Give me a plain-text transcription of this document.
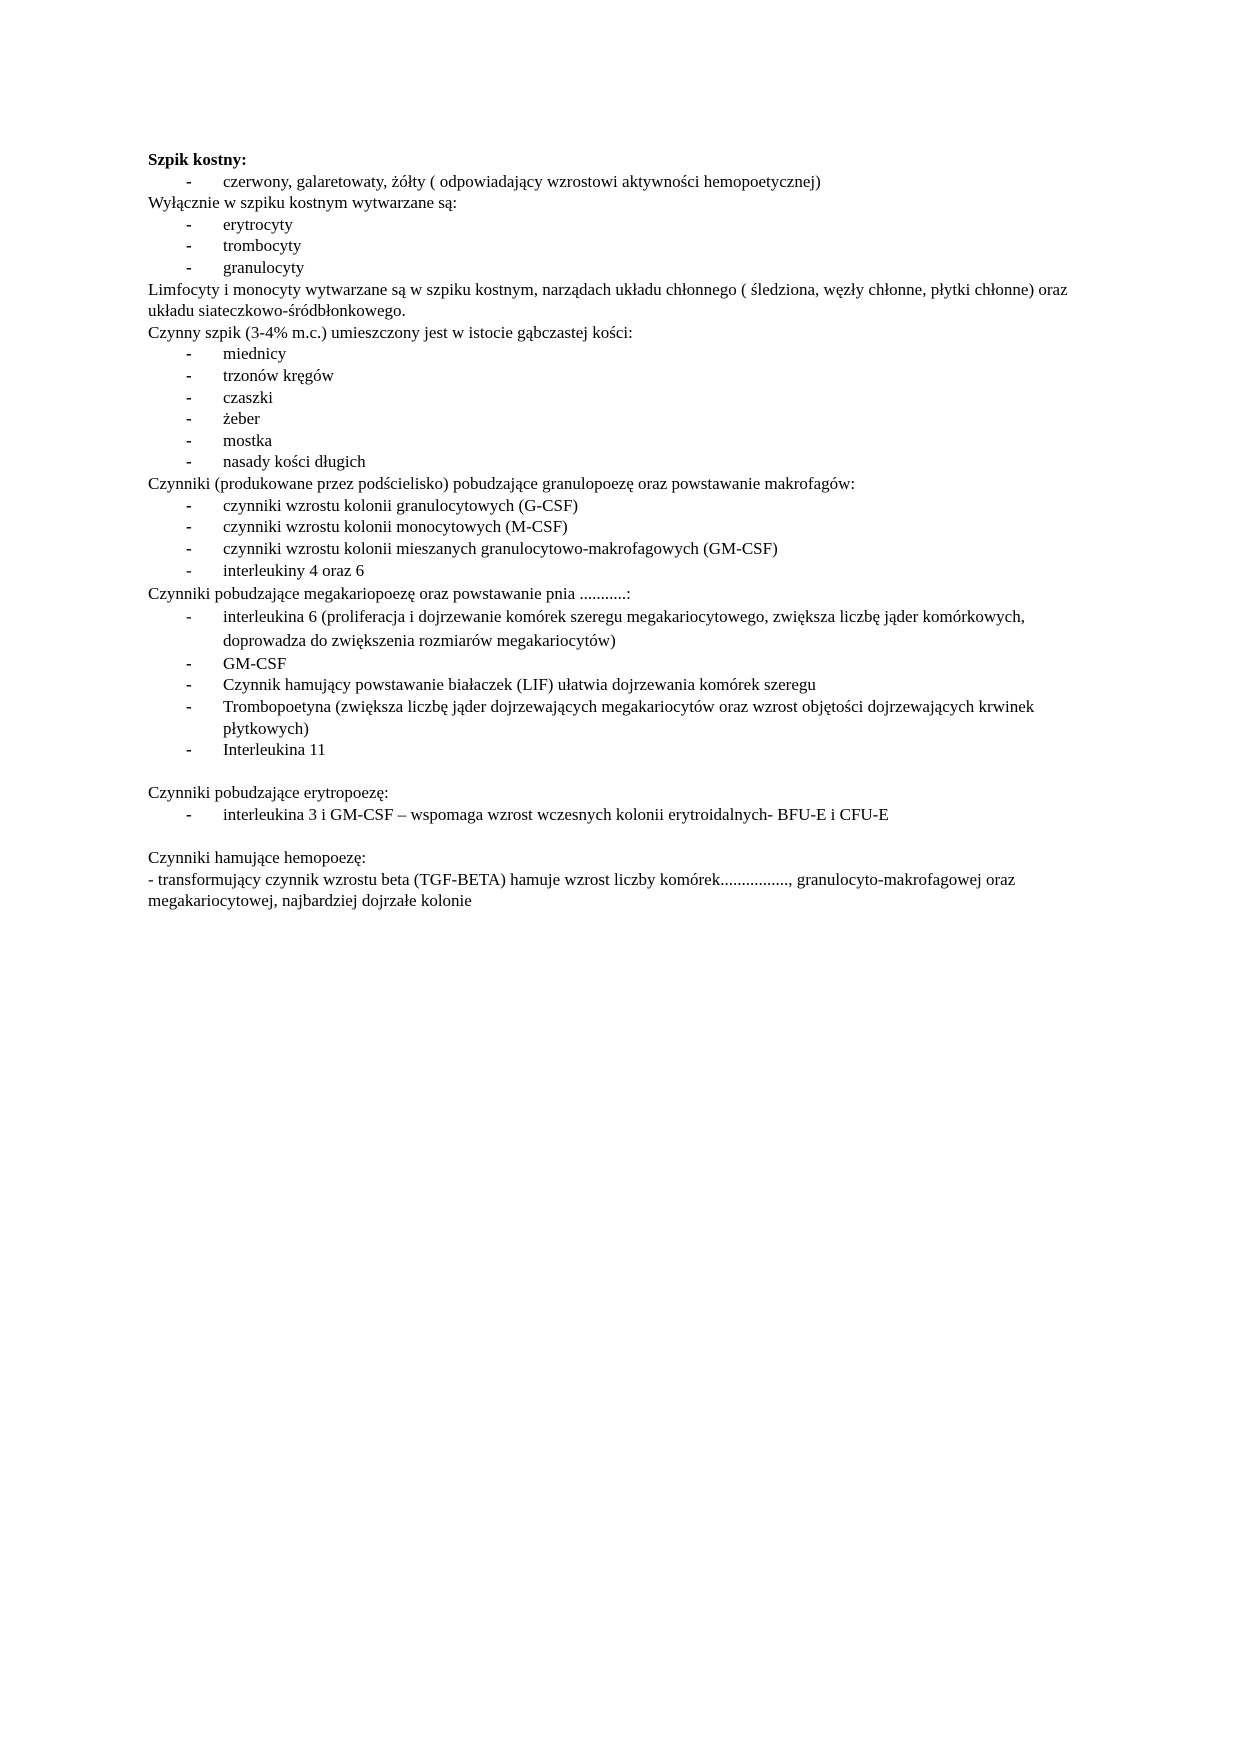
Szpik kostny:

- czerwony, galaretowaty, żółty ( odpowiadający wzrostowi aktywności hemopoetycznej)

Wyłącznie w szpiku kostnym wytwarzane są:

- erytrocyty

- trombocyty

- granulocyty

Limfocyty i monocyty wytwarzane są w szpiku kostnym, narządach układu chłonnego ( śledziona, węzły chłonne, płytki chłonne) oraz układu siateczkowo-śródbłonkowego.

Czynny szpik (3-4% m.c.) umieszczony jest w istocie gąbczastej kości:

- miednicy

- trzonów kręgów

- czaszki

- żeber

- mostka

- nasady kości długich

Czynniki (produkowane przez podścielisko) pobudzające granulopoezę oraz powstawanie makrofagów:

- czynniki wzrostu kolonii granulocytowych (G-CSF)

- czynniki wzrostu kolonii monocytowych (M-CSF)

- czynniki wzrostu kolonii mieszanych granulocytowo-makrofagowych (GM-CSF)

- interleukiny 4 oraz 6

Czynniki pobudzające megakariopoezę oraz powstawanie pnia ...........:

- interleukina 6 (proliferacja i dojrzewanie komórek szeregu megakariocytowego, zwiększa liczbę jąder komórkowych, doprowadza do zwiększenia rozmiarów megakariocytów)

- GM-CSF

- Czynnik hamujący powstawanie białaczek (LIF) ułatwia dojrzewania komórek szeregu

- Trombopoetyna (zwiększa liczbę jąder dojrzewających megakariocytów oraz wzrost objętości dojrzewających krwinek płytkowych)

- Interleukina 11

Czynniki pobudzające erytropoezę:

- interleukina 3 i GM-CSF – wspomaga wzrost wczesnych kolonii erytroidalnych- BFU-E i CFU-E

Czynniki hamujące hemopoezę:

- transformujący czynnik wzrostu beta (TGF-BETA) hamuje wzrost liczby komórek................, granulocyto-makrofagowej oraz megakariocytowej, najbardziej dojrzałe kolonie
